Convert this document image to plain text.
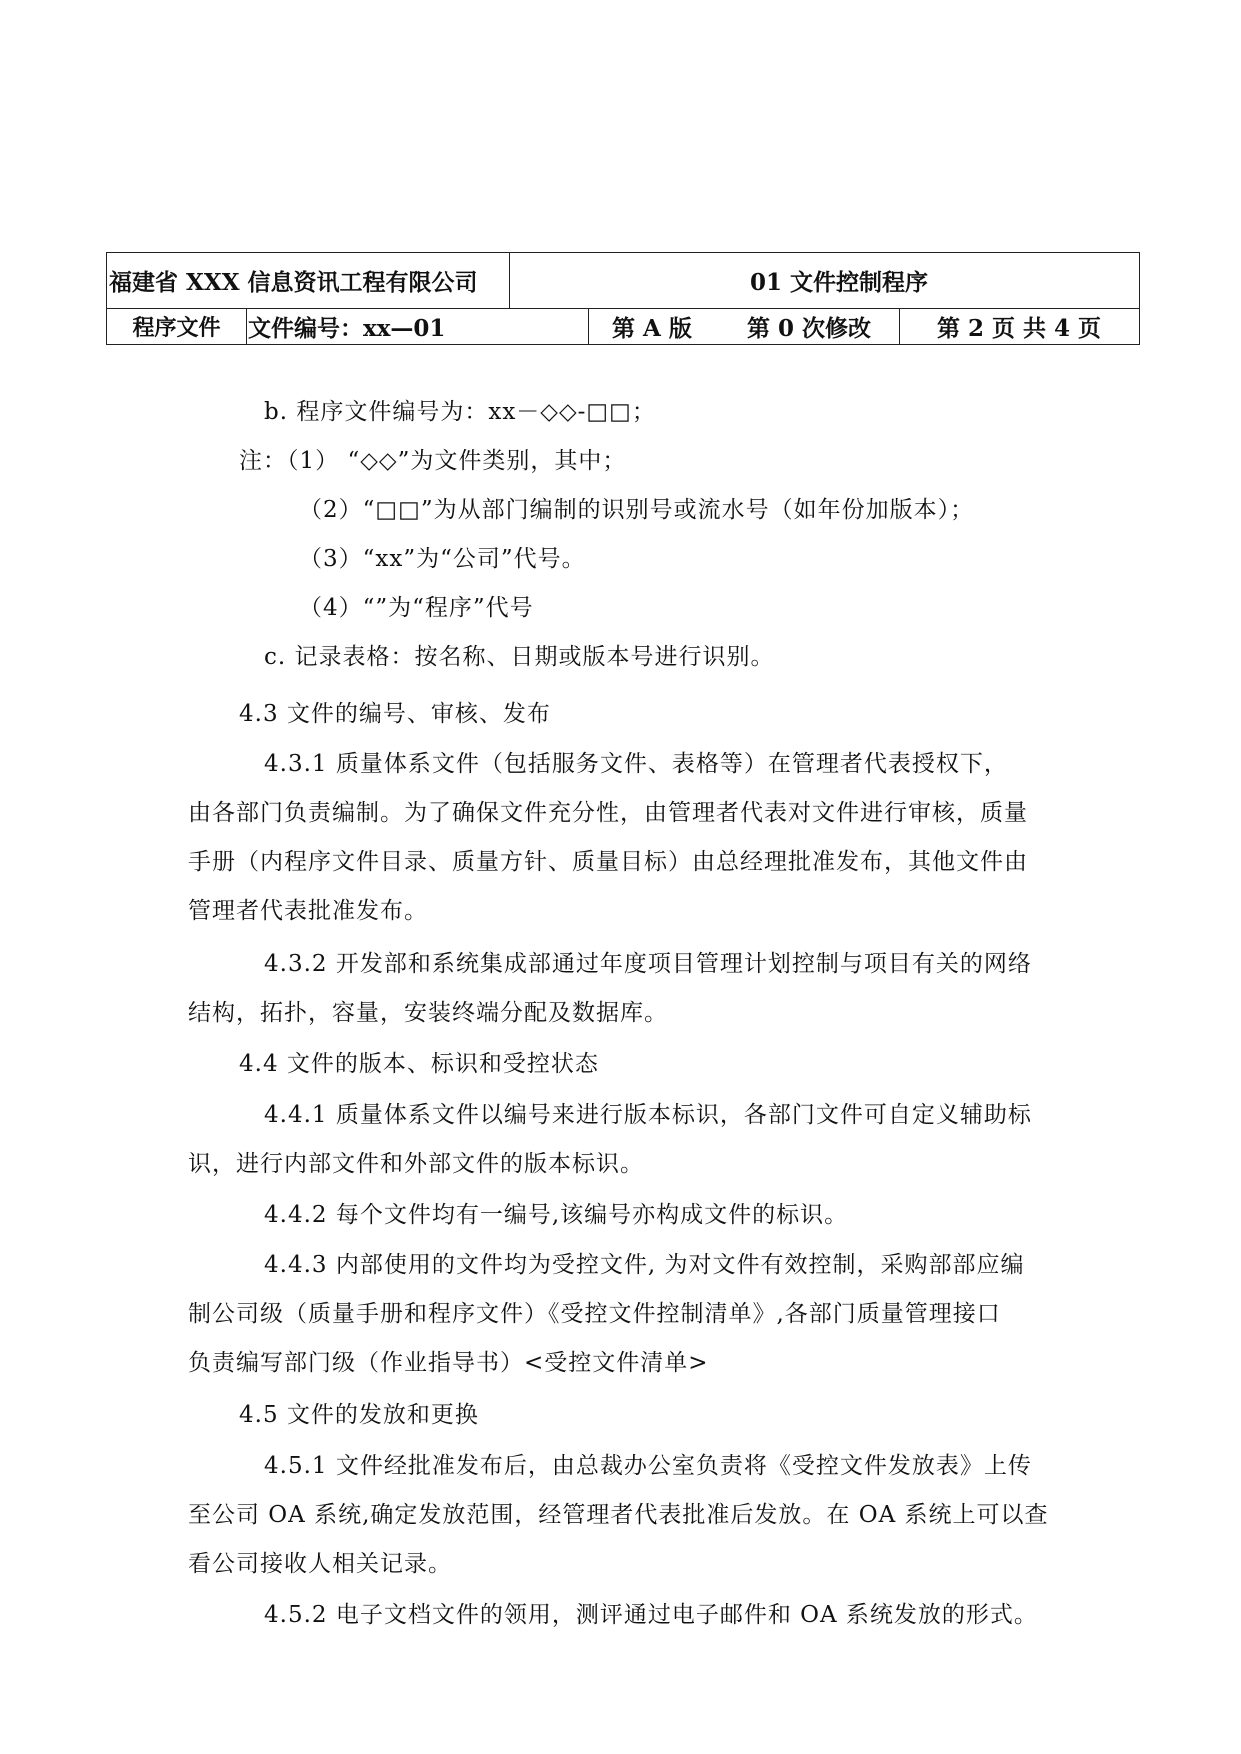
福建省 XXX 信息资讯工程有限公司	01 文件控制程序
程序文件	文件编号：xx—01	第 A 版	第 0 次修改	第 2 页 共 4 页
b. 程序文件编号为：xx－◇◇-□□；
注：（1） “◇◇”为文件类别，其中；
（2）“□□”为从部门编制的识别号或流水号（如年份加版本）；
（3）“xx”为“公司”代号。
（4）“”为“程序”代号
c. 记录表格：按名称、日期或版本号进行识别。
4.3 文件的编号、审核、发布
4.3.1 质量体系文件（包括服务文件、表格等）在管理者代表授权下，
由各部门负责编制。为了确保文件充分性，由管理者代表对文件进行审核，质量
手册（内程序文件目录、质量方针、质量目标）由总经理批准发布，其他文件由
管理者代表批准发布。
4.3.2 开发部和系统集成部通过年度项目管理计划控制与项目有关的网络
结构，拓扑，容量，安装终端分配及数据库。
4.4 文件的版本、标识和受控状态
4.4.1 质量体系文件以编号来进行版本标识，各部门文件可自定义辅助标
识，进行内部文件和外部文件的版本标识。
4.4.2 每个文件均有一编号,该编号亦构成文件的标识。
4.4.3 内部使用的文件均为受控文件, 为对文件有效控制，采购部部应编
制公司级（质量手册和程序文件）《受控文件控制清单》,各部门质量管理接口
负责编写部门级（作业指导书）<受控文件清单>
4.5 文件的发放和更换
4.5.1 文件经批准发布后，由总裁办公室负责将《受控文件发放表》上传
至公司 OA 系统,确定发放范围，经管理者代表批准后发放。在 OA 系统上可以查
看公司接收人相关记录。
4.5.2 电子文档文件的领用，测评通过电子邮件和 OA 系统发放的形式。
